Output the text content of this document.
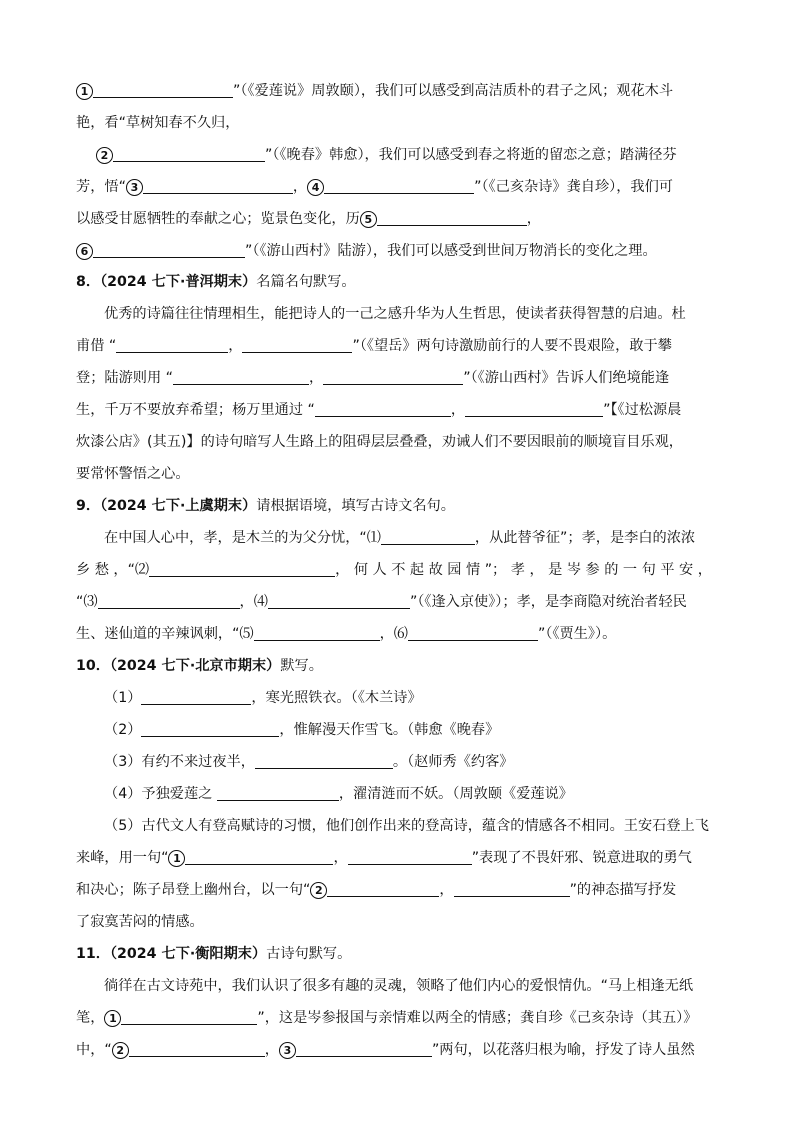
1	”（《爱莲说》周敦颐），我们可以感受到高洁质朴的君子之风；观花木斗
艳，看“草树知春不久归，
2	”（《晚春》韩愈），我们可以感受到春之将逝的留恋之意；踏满径芬
芳，悟“ 3	， 4	”（《己亥杂诗》龚自珍），我们可
以感受甘愿牺牲的奉献之心；览景色变化，历 5	，
6	”（《游山西村》陆游），我们可以感受到世间万物消长的变化之理。
8．（2024 七下·普洱期末）名篇名句默写。
优秀的诗篇往往情理相生，能把诗人的一己之感升华为人生哲思，使读者获得智慧的启迪。杜
甫借 “	，	”（《望岳》两句诗激励前行的人要不畏艰险，敢于攀
登；陆游则用 “	，	”（《游山西村》告诉人们绝境能逢
生，千万不要放弃希望；杨万里通过 “	，	”【《过松源晨
炊漆公店》(其五)】的诗句暗写人生路上的阻碍层层叠叠，劝诫人们不要因眼前的顺境盲目乐观，
要常怀警悟之心。
9．（2024 七下·上虞期末）请根据语境，填写古诗文名句。
在中国人心中，孝，是木兰的为父分忧，“⑴	，从此替爷征”；孝，是李白的浓浓
乡 愁 ，“⑵	， 何 人 不 起 故 园 情 ”； 孝 ， 是 岑 参 的 一 句 平 安 ，
“⑶	，⑷	”（《逢入京使》）；孝，是李商隐对统治者轻民
生、迷仙道的辛辣讽刺，“⑸	，⑹	”（《贾生》）。
10．（2024 七下·北京市期末）默写。
（1）	，寒光照铁衣。（《木兰诗》
（2）	，惟解漫天作雪飞。（韩愈《晚春》
（3）有约不来过夜半，	。（赵师秀《约客》
（4）予独爱莲之	，濯清涟而不妖。（周敦颐《爱莲说》
（5）古代文人有登高赋诗的习惯，他们创作出来的登高诗，蕴含的情感各不相同。王安石登上飞
来峰，用一句“ 1	，	”表现了不畏奸邪、锐意进取的勇气
和决心；陈子昂登上幽州台，以一句“ 2	，	”的神态描写抒发
了寂寞苦闷的情感。
11．（2024 七下·衡阳期末）古诗句默写。
徜徉在古文诗苑中，我们认识了很多有趣的灵魂，领略了他们内心的爱恨情仇。“马上相逢无纸
笔， 1	”，这是岑参报国与亲情难以两全的情感；龚自珍《己亥杂诗（其五）》
中，“ 2	， 3	”两句，以花落归根为喻，抒发了诗人虽然
